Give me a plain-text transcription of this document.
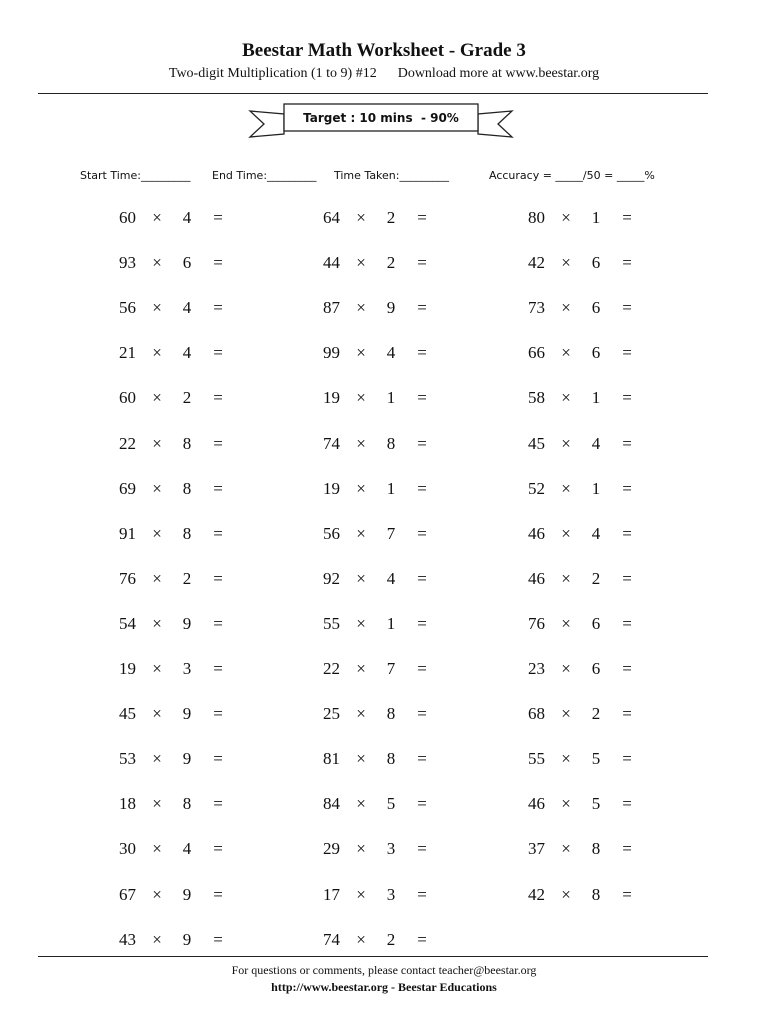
Beestar Math Worksheet - Grade 3
Two-digit Multiplication (1 to 9) #12      Download more at www.beestar.org
Target : 10 mins  - 90%
Start Time:_________ End Time:_________ Time Taken:_________	Accuracy = _____/50 = _____%
60 × 4 =
93 × 6 =
56 × 4 =
21 × 4 =
60 × 2 =
22 × 8 =
69 × 8 =
91 × 8 =
76 × 2 =
54 × 9 =
19 × 3 =
45 × 9 =
53 × 9 =
18 × 8 =
30 × 4 =
67 × 9 =
43 × 9 =
64 × 2 =
44 × 2 =
87 × 9 =
99 × 4 =
19 × 1 =
74 × 8 =
19 × 1 =
56 × 7 =
92 × 4 =
55 × 1 =
22 × 7 =
25 × 8 =
81 × 8 =
84 × 5 =
29 × 3 =
17 × 3 =
74 × 2 =
80 × 1 =
42 × 6 =
73 × 6 =
66 × 6 =
58 × 1 =
45 × 4 =
52 × 1 =
46 × 4 =
46 × 2 =
76 × 6 =
23 × 6 =
68 × 2 =
55 × 5 =
46 × 5 =
37 × 8 =
42 × 8 =
For questions or comments, please contact teacher@beestar.org
http://www.beestar.org - Beestar Educations
